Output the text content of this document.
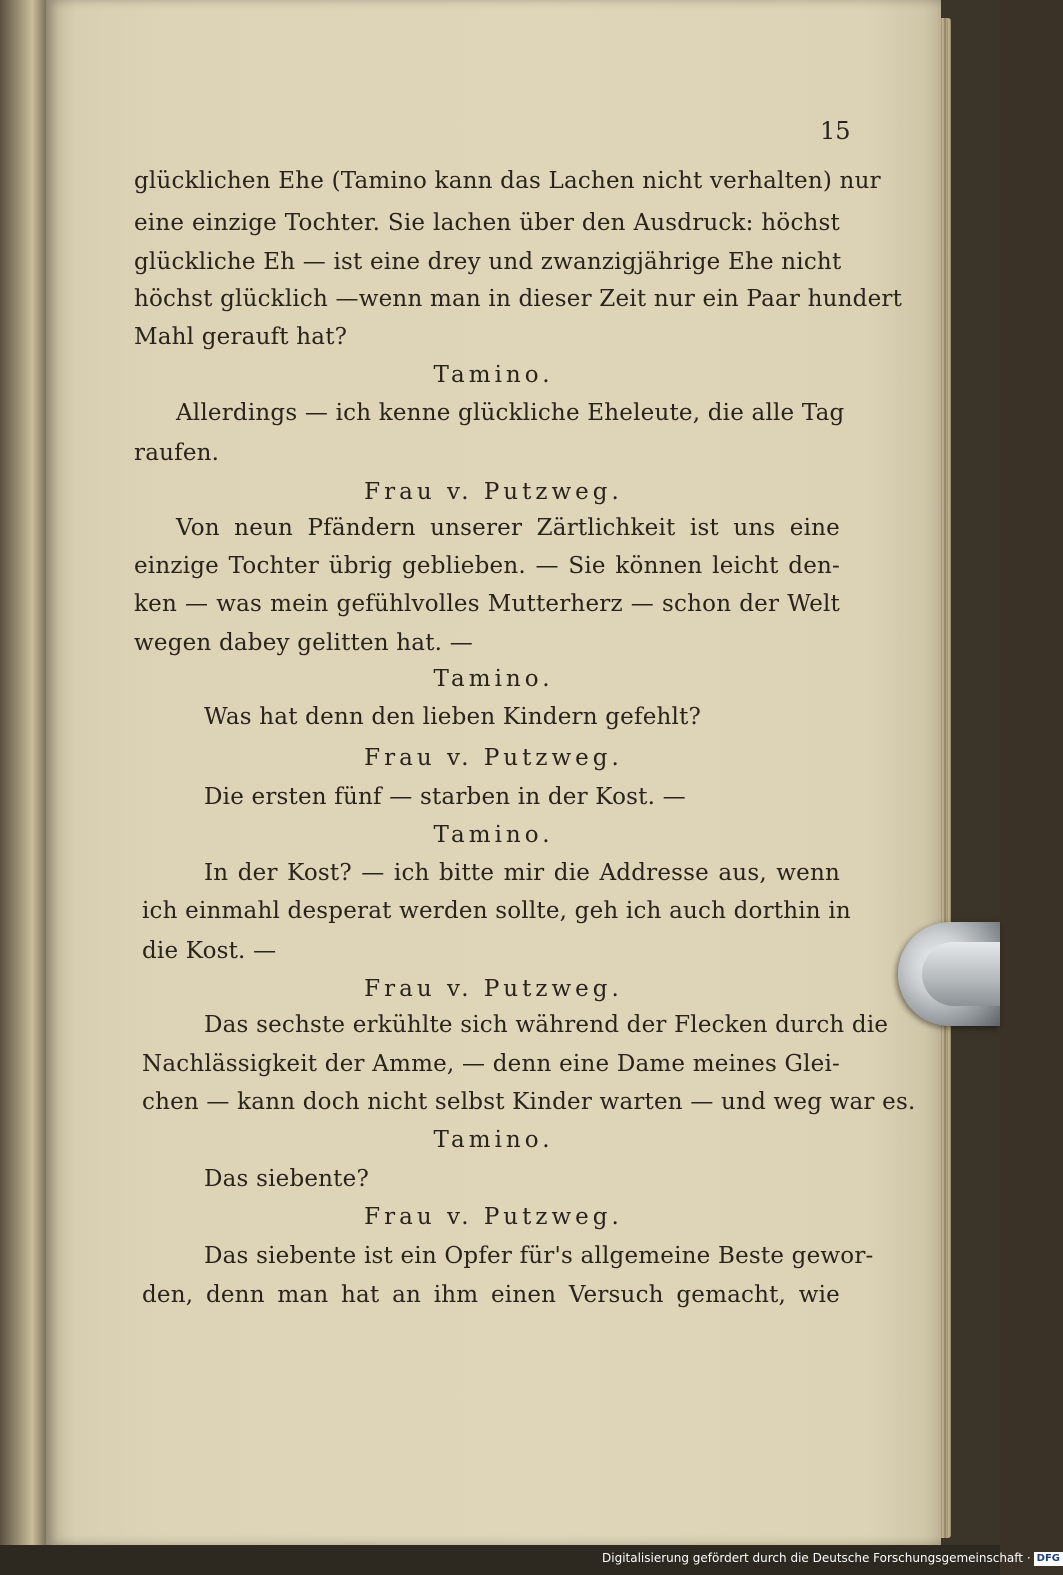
15
glücklichen Ehe (Tamino kann das Lachen nicht verhalten) nur
eine einzige Tochter. Sie lachen über den Ausdruck: höchst
glückliche Eh — ist eine drey und zwanzigjährige Ehe nicht
höchst glücklich —wenn man in dieser Zeit nur ein Paar hundert
Mahl gerauft hat?
Tamino.
Allerdings — ich kenne glückliche Eheleute, die alle Tag
raufen.
Frau v. Putzweg.
Von neun Pfändern unserer Zärtlichkeit ist uns eine
einzige Tochter übrig geblieben. — Sie können leicht den-
ken — was mein gefühlvolles Mutterherz — schon der Welt
wegen dabey gelitten hat. —
Tamino.
Was hat denn den lieben Kindern gefehlt?
Frau v. Putzweg.
Die ersten fünf — starben in der Kost. —
Tamino.
In der Kost? — ich bitte mir die Addresse aus, wenn
ich einmahl desperat werden sollte, geh ich auch dorthin in
die Kost. —
Frau v. Putzweg.
Das sechste erkühlte sich während der Flecken durch die
Nachlässigkeit der Amme, — denn eine Dame meines Glei-
chen — kann doch nicht selbst Kinder warten — und weg war es.
Tamino.
Das siebente?
Frau v. Putzweg.
Das siebente ist ein Opfer für's allgemeine Beste gewor-
den, denn man hat an ihm einen Versuch gemacht, wie
Digitalisierung gefördert durch die Deutsche Forschungsgemeinschaft · DFG
